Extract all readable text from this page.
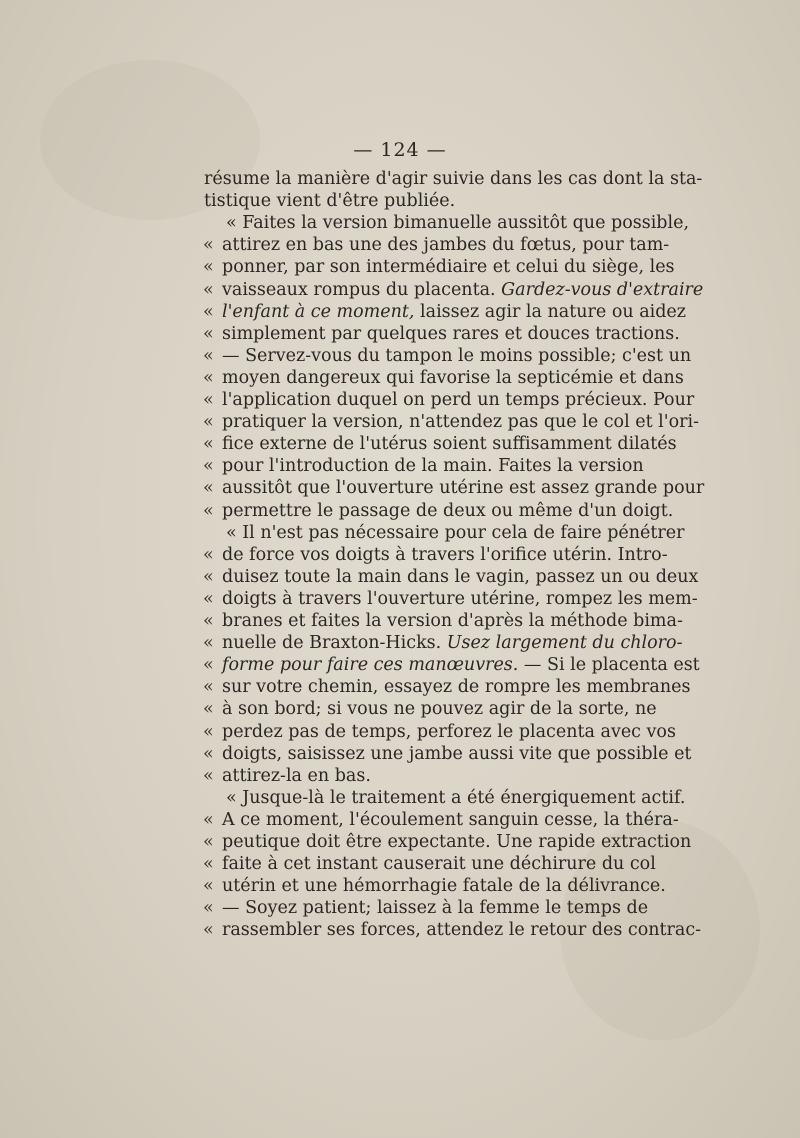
— 124 —
résume la manière d'agir suivie dans les cas dont la sta-
tistique vient d'être publiée.
« Faites la version bimanuelle aussitôt que possible,
« attirez en bas une des jambes du fœtus, pour tam-
« ponner, par son intermédiaire et celui du siège, les
« vaisseaux rompus du placenta. Gardez-vous d'extraire
« l'enfant à ce moment, laissez agir la nature ou aidez
« simplement par quelques rares et douces tractions.
« — Servez-vous du tampon le moins possible; c'est un
« moyen dangereux qui favorise la septicémie et dans
« l'application duquel on perd un temps précieux. Pour
« pratiquer la version, n'attendez pas que le col et l'ori-
« fice externe de l'utérus soient suffisamment dilatés
« pour l'introduction de la main. Faites la version
« aussitôt que l'ouverture utérine est assez grande pour
« permettre le passage de deux ou même d'un doigt.
« Il n'est pas nécessaire pour cela de faire pénétrer
« de force vos doigts à travers l'orifice utérin. Intro-
« duisez toute la main dans le vagin, passez un ou deux
« doigts à travers l'ouverture utérine, rompez les mem-
« branes et faites la version d'après la méthode bima-
« nuelle de Braxton-Hicks. Usez largement du chloro-
« forme pour faire ces manœuvres. — Si le placenta est
« sur votre chemin, essayez de rompre les membranes
« à son bord; si vous ne pouvez agir de la sorte, ne
« perdez pas de temps, perforez le placenta avec vos
« doigts, saisissez une jambe aussi vite que possible et
« attirez-la en bas.
« Jusque-là le traitement a été énergiquement actif.
« A ce moment, l'écoulement sanguin cesse, la théra-
« peutique doit être expectante. Une rapide extraction
« faite à cet instant causerait une déchirure du col
« utérin et une hémorrhagie fatale de la délivrance.
« — Soyez patient; laissez à la femme le temps de
« rassembler ses forces, attendez le retour des contrac-
